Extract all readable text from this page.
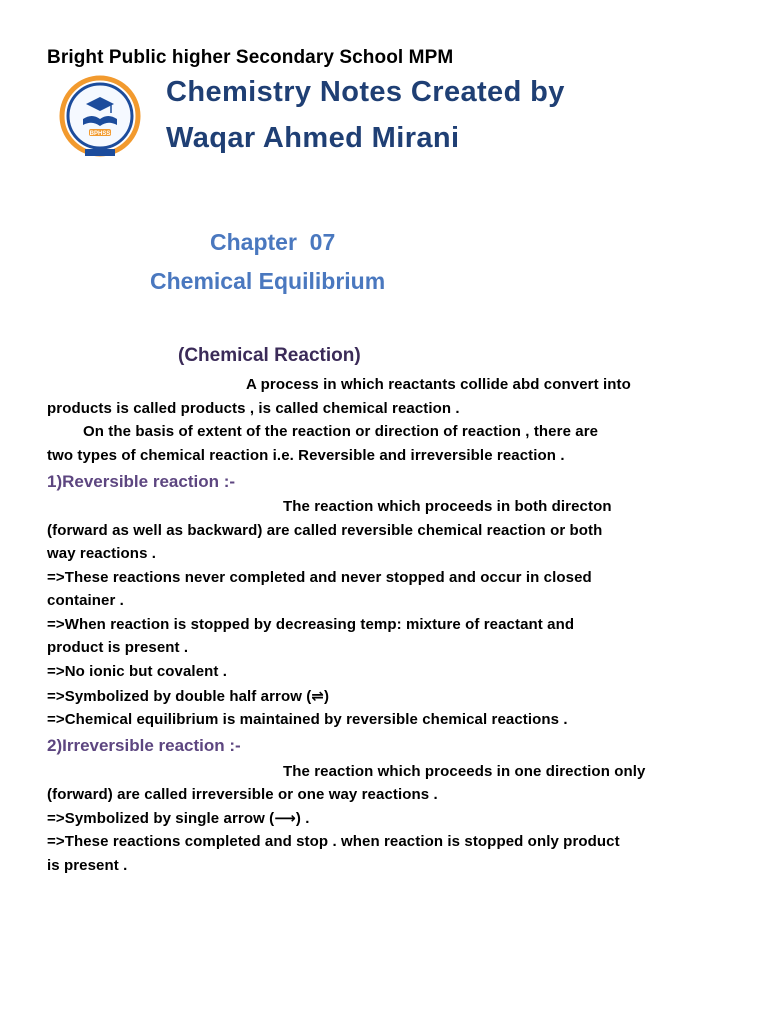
Bright Public higher Secondary School MPM
BPHSS
Chemistry Notes Created by
Waqar Ahmed Mirani
Chapter  07
Chemical Equilibrium
(Chemical Reaction)
A process in which reactants collide abd convert into
products is called products , is called chemical reaction .
On the basis of extent of the reaction or direction of reaction , there are
two types of chemical reaction i.e. Reversible and irreversible reaction .
1)Reversible reaction :-
The reaction which proceeds in both directon
(forward as well as backward) are called reversible chemical reaction or both
way reactions .
=>These reactions never completed and never stopped and occur in closed
container .
=>When reaction is stopped by decreasing temp: mixture of reactant and
product is present .
=>No ionic but covalent .
=>Symbolized by double half arrow (⇌)
=>Chemical equilibrium is maintained by reversible chemical reactions .
2)Irreversible reaction :-
The reaction which proceeds in one direction only
(forward) are called irreversible or one way reactions .
=>Symbolized by single arrow (⟶) .
=>These reactions completed and stop . when reaction is stopped only product
is present .
